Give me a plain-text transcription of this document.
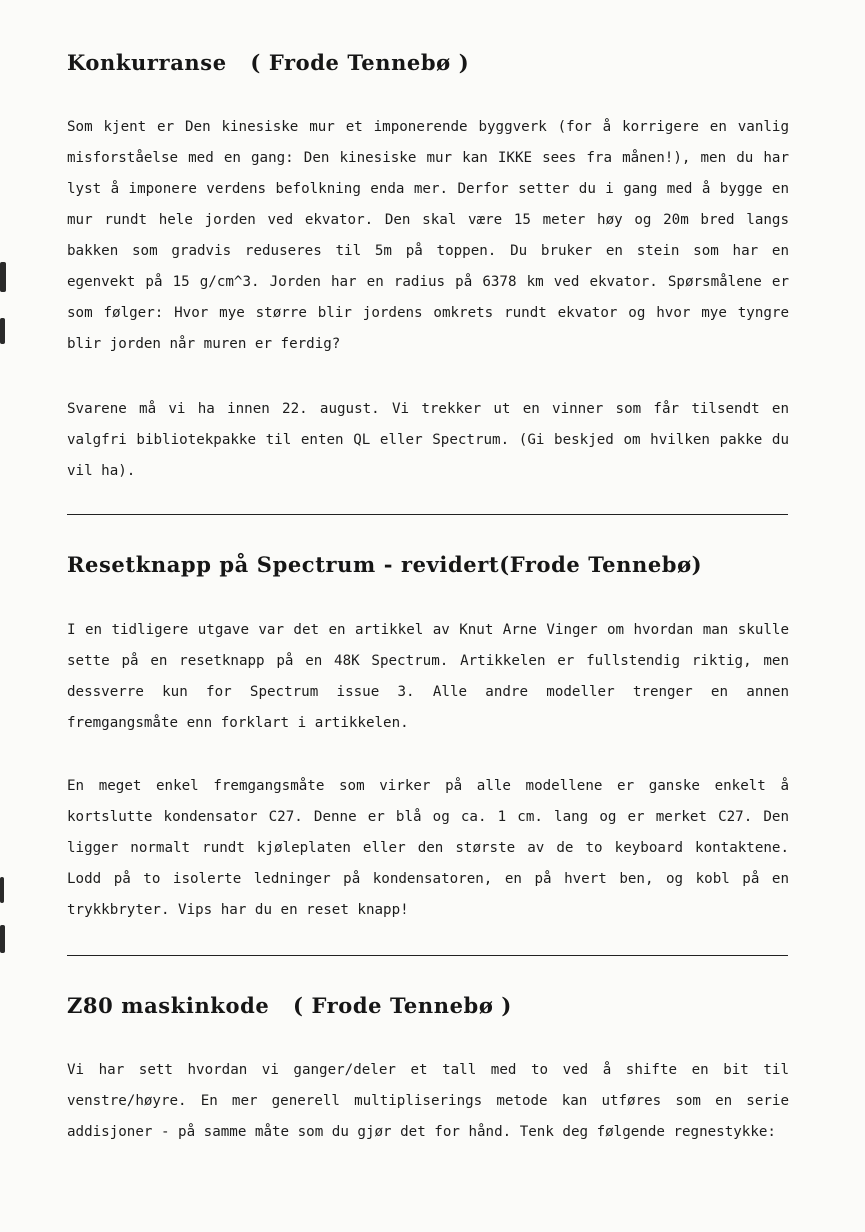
Konkurranse   ( Frode Tennebø )

Som kjent er Den kinesiske mur et imponerende byggverk (for å korrigere en vanlig misforståelse med en gang: Den kinesiske mur kan IKKE sees fra månen!), men du har lyst å imponere verdens befolkning enda mer. Derfor setter du i gang med å bygge en mur rundt hele jorden ved ekvator. Den skal være 15 meter høy og 20m bred langs bakken som gradvis reduseres til 5m på toppen. Du bruker en stein som har en egenvekt på 15 g/cm^3. Jorden har en radius på 6378 km ved ekvator. Spørsmålene er som følger: Hvor mye større blir jordens omkrets rundt ekvator og hvor mye tyngre blir jorden når muren er ferdig?

Svarene må vi ha innen 22. august. Vi trekker ut en vinner som får tilsendt en valgfri bibliotekpakke til enten QL eller Spectrum. (Gi beskjed om hvilken pakke du vil ha).

Resetknapp på Spectrum - revidert(Frode Tennebø)

I en tidligere utgave var det en artikkel av Knut Arne Vinger om hvordan man skulle sette på en resetknapp på en 48K Spectrum. Artikkelen er fullstendig riktig, men dessverre kun for Spectrum issue 3. Alle andre modeller trenger en annen fremgangsmåte enn forklart i artikkelen.

En meget enkel fremgangsmåte som virker på alle modellene er ganske enkelt å kortslutte kondensator C27. Denne er blå og ca. 1 cm. lang og er merket C27. Den ligger normalt rundt kjøleplaten eller den største av de to keyboard kontaktene. Lodd på to isolerte ledninger på kondensatoren, en på hvert ben, og kobl på en trykkbryter. Vips har du en reset knapp!

Z80 maskinkode   ( Frode Tennebø )

Vi har sett hvordan vi ganger/deler et tall med to ved å shifte en bit til venstre/høyre. En mer generell multipliserings metode kan utføres som en serie addisjoner - på samme måte som du gjør det for hånd. Tenk deg følgende regnestykke:
